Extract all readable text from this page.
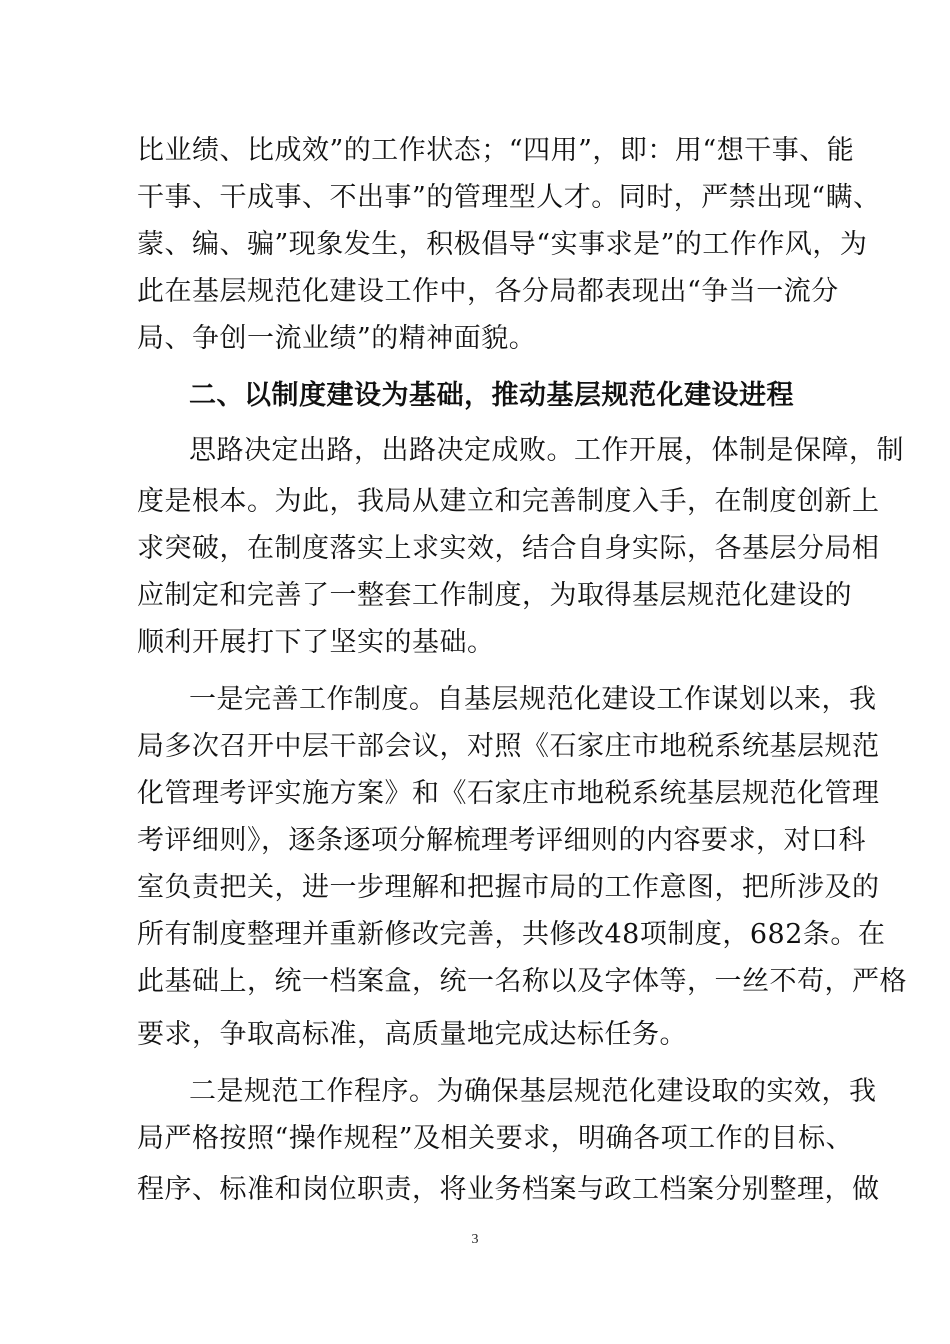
比业绩、比成效”的工作状态；“四用”，即：用“想干事、能
干事、干成事、不出事”的管理型人才。同时，严禁出现“瞒、
蒙、编、骗”现象发生，积极倡导“实事求是”的工作作风，为
此在基层规范化建设工作中，各分局都表现出“争当一流分
局、争创一流业绩”的精神面貌。
二、以制度建设为基础，推动基层规范化建设进程
思路决定出路，出路决定成败。工作开展，体制是保障，制
度是根本。为此，我局从建立和完善制度入手，在制度创新上
求突破，在制度落实上求实效，结合自身实际，各基层分局相
应制定和完善了一整套工作制度，为取得基层规范化建设的
顺利开展打下了坚实的基础。
一是完善工作制度。自基层规范化建设工作谋划以来，我
局多次召开中层干部会议，对照《石家庄市地税系统基层规范
化管理考评实施方案》和《石家庄市地税系统基层规范化管理
考评细则》，逐条逐项分解梳理考评细则的内容要求，对口科
室负责把关，进一步理解和把握市局的工作意图，把所涉及的
所有制度整理并重新修改完善，共修改48项制度，682条。在
此基础上，统一档案盒，统一名称以及字体等，一丝不苟，严格
要求，争取高标准，高质量地完成达标任务。
二是规范工作程序。为确保基层规范化建设取的实效，我
局严格按照“操作规程”及相关要求，明确各项工作的目标、
程序、标准和岗位职责，将业务档案与政工档案分别整理，做
3
